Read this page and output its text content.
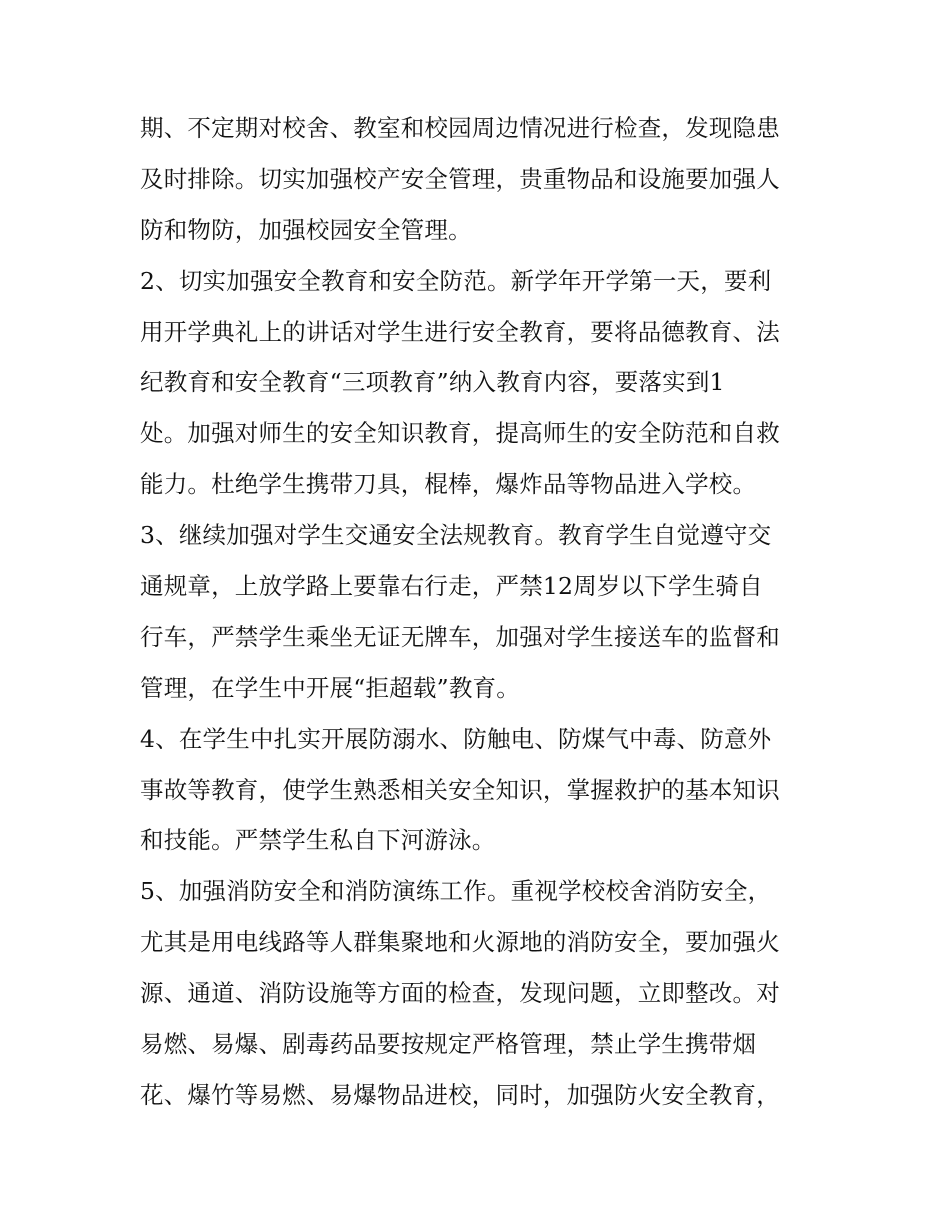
期、不定期对校舍、教室和校园周边情况进行检查，发现隐患
及时排除。切实加强校产安全管理，贵重物品和设施要加强人
防和物防，加强校园安全管理。
2、切实加强安全教育和安全防范。新学年开学第一天，要利
用开学典礼上的讲话对学生进行安全教育，要将品德教育、法
纪教育和安全教育“三项教育”纳入教育内容，要落实到1
处。加强对师生的安全知识教育，提高师生的安全防范和自救
能力。杜绝学生携带刀具，棍棒，爆炸品等物品进入学校。
3、继续加强对学生交通安全法规教育。教育学生自觉遵守交
通规章，上放学路上要靠右行走，严禁12周岁以下学生骑自
行车，严禁学生乘坐无证无牌车，加强对学生接送车的监督和
管理，在学生中开展“拒超载”教育。
4、在学生中扎实开展防溺水、防触电、防煤气中毒、防意外
事故等教育，使学生熟悉相关安全知识，掌握救护的基本知识
和技能。严禁学生私自下河游泳。
5、加强消防安全和消防演练工作。重视学校校舍消防安全，
尤其是用电线路等人群集聚地和火源地的消防安全，要加强火
源、通道、消防设施等方面的检查，发现问题，立即整改。对
易燃、易爆、剧毒药品要按规定严格管理，禁止学生携带烟
花、爆竹等易燃、易爆物品进校，同时，加强防火安全教育，
